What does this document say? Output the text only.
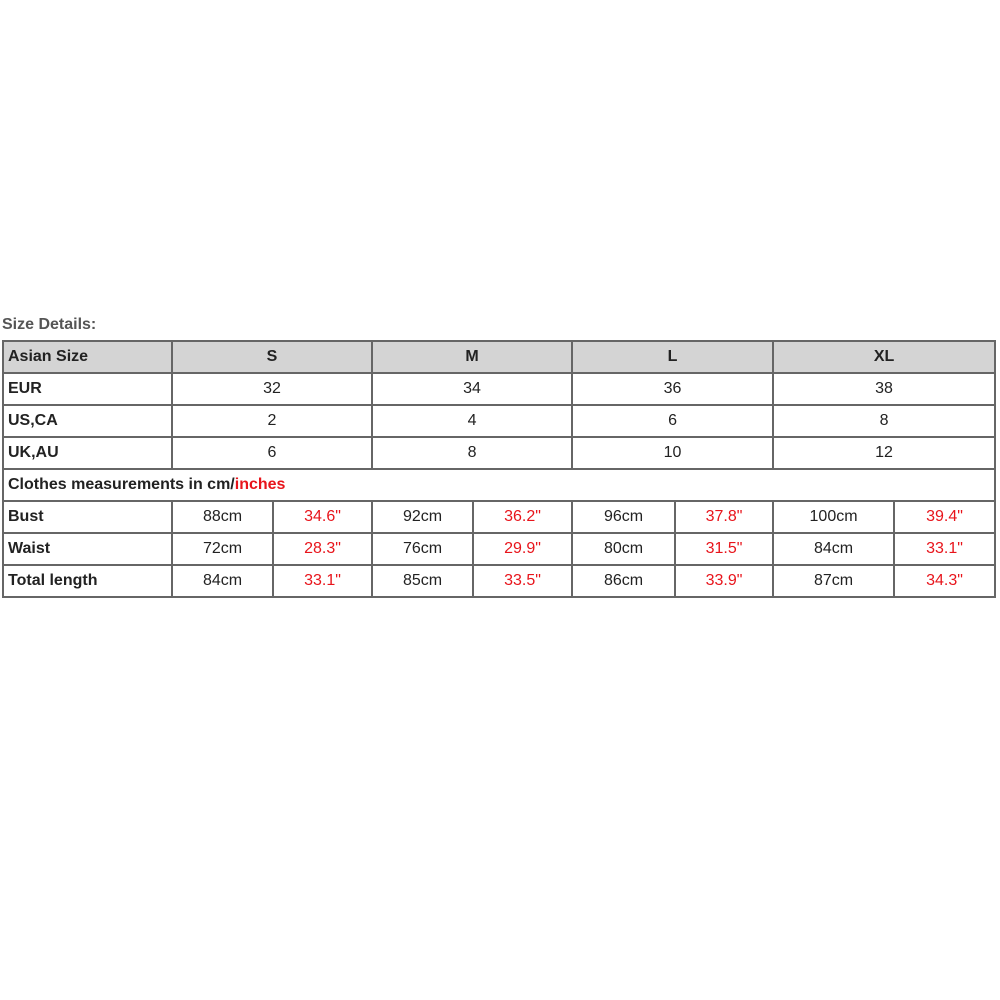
Size Details:
Asian Size	S		M		L		XL	
EUR	32		34		36		38	
US,CA	2		4		6		8	
UK,AU	6		8		10		12	
Clothes measurements in cm/inches								
Bust	88cm	34.6"	92cm	36.2"	96cm	37.8"	100cm	39.4"
Waist	72cm	28.3"	76cm	29.9"	80cm	31.5"	84cm	33.1"
Total length	84cm	33.1"	85cm	33.5"	86cm	33.9"	87cm	34.3"
